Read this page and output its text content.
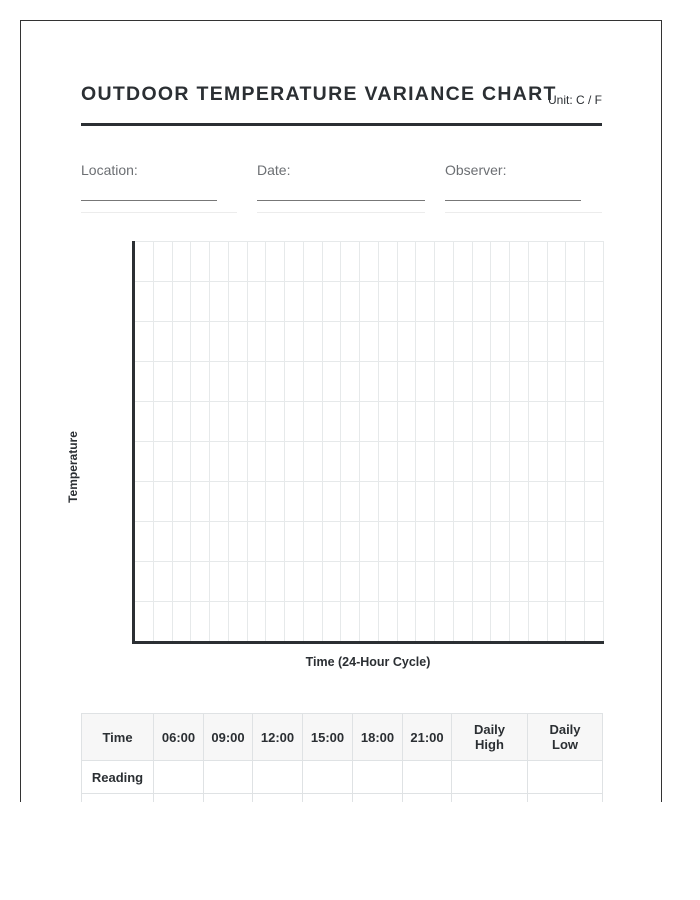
OUTDOOR TEMPERATURE VARIANCE CHART
Unit: C / F
Location:	Date:	Observer:
Temperature
Time (24-Hour Cycle)
Time	06:00	09:00	12:00	15:00	18:00	21:00	Daily High	Daily Low
Reading								
